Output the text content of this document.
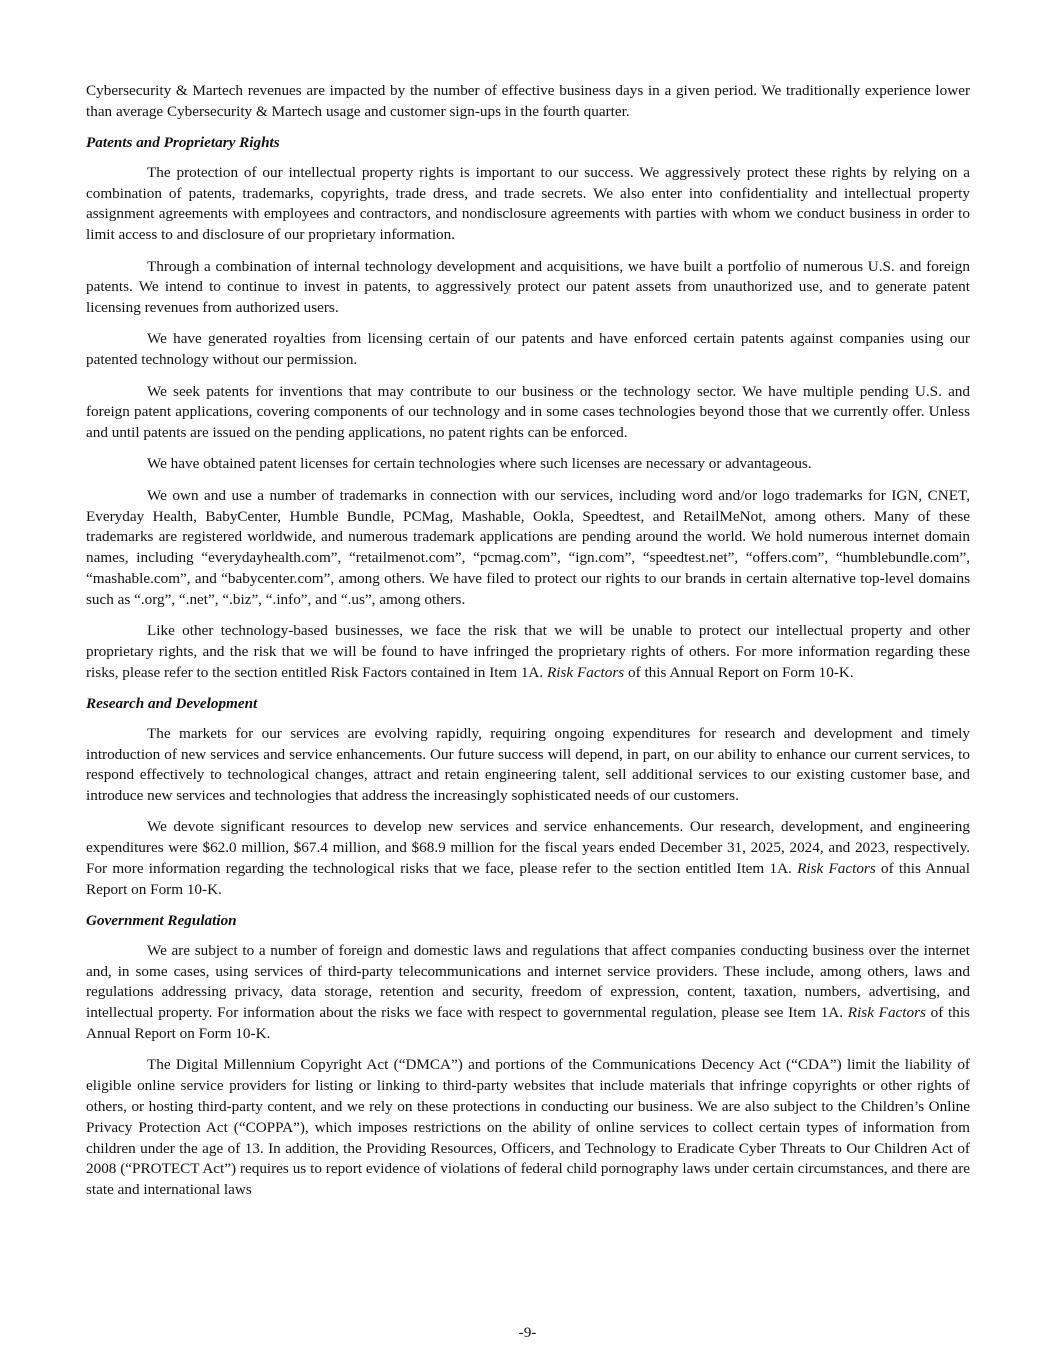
Cybersecurity & Martech revenues are impacted by the number of effective business days in a given period. We traditionally experience lower than average Cybersecurity & Martech usage and customer sign-ups in the fourth quarter.

Patents and Proprietary Rights

The protection of our intellectual property rights is important to our success. We aggressively protect these rights by relying on a combination of patents, trademarks, copyrights, trade dress, and trade secrets. We also enter into confidentiality and intellectual property assignment agreements with employees and contractors, and nondisclosure agreements with parties with whom we conduct business in order to limit access to and disclosure of our proprietary information.

Through a combination of internal technology development and acquisitions, we have built a portfolio of numerous U.S. and foreign patents. We intend to continue to invest in patents, to aggressively protect our patent assets from unauthorized use, and to generate patent licensing revenues from authorized users.

We have generated royalties from licensing certain of our patents and have enforced certain patents against companies using our patented technology without our permission.

We seek patents for inventions that may contribute to our business or the technology sector. We have multiple pending U.S. and foreign patent applications, covering components of our technology and in some cases technologies beyond those that we currently offer. Unless and until patents are issued on the pending applications, no patent rights can be enforced.

We have obtained patent licenses for certain technologies where such licenses are necessary or advantageous.

We own and use a number of trademarks in connection with our services, including word and/or logo trademarks for IGN, CNET, Everyday Health, BabyCenter, Humble Bundle, PCMag, Mashable, Ookla, Speedtest, and RetailMeNot, among others. Many of these trademarks are registered worldwide, and numerous trademark applications are pending around the world. We hold numerous internet domain names, including “everydayhealth.com”, “retailmenot.com”, “pcmag.com”, “ign.com”, “speedtest.net”, “offers.com”, “humblebundle.com”, “mashable.com”, and “babycenter.com”, among others. We have filed to protect our rights to our brands in certain alternative top-level domains such as “.org”, “.net”, “.biz”, “.info”, and “.us”, among others.

Like other technology-based businesses, we face the risk that we will be unable to protect our intellectual property and other proprietary rights, and the risk that we will be found to have infringed the proprietary rights of others. For more information regarding these risks, please refer to the section entitled Risk Factors contained in Item 1A. Risk Factors of this Annual Report on Form 10-K.

Research and Development

The markets for our services are evolving rapidly, requiring ongoing expenditures for research and development and timely introduction of new services and service enhancements. Our future success will depend, in part, on our ability to enhance our current services, to respond effectively to technological changes, attract and retain engineering talent, sell additional services to our existing customer base, and introduce new services and technologies that address the increasingly sophisticated needs of our customers.

We devote significant resources to develop new services and service enhancements. Our research, development, and engineering expenditures were $62.0 million, $67.4 million, and $68.9 million for the fiscal years ended December 31, 2025, 2024, and 2023, respectively. For more information regarding the technological risks that we face, please refer to the section entitled Item 1A. Risk Factors of this Annual Report on Form 10-K.

Government Regulation

We are subject to a number of foreign and domestic laws and regulations that affect companies conducting business over the internet and, in some cases, using services of third-party telecommunications and internet service providers. These include, among others, laws and regulations addressing privacy, data storage, retention and security, freedom of expression, content, taxation, numbers, advertising, and intellectual property. For information about the risks we face with respect to governmental regulation, please see Item 1A. Risk Factors of this Annual Report on Form 10-K.

The Digital Millennium Copyright Act (“DMCA”) and portions of the Communications Decency Act (“CDA”) limit the liability of eligible online service providers for listing or linking to third-party websites that include materials that infringe copyrights or other rights of others, or hosting third-party content, and we rely on these protections in conducting our business. We are also subject to the Children’s Online Privacy Protection Act (“COPPA”), which imposes restrictions on the ability of online services to collect certain types of information from children under the age of 13. In addition, the Providing Resources, Officers, and Technology to Eradicate Cyber Threats to Our Children Act of 2008 (“PROTECT Act”) requires us to report evidence of violations of federal child pornography laws under certain circumstances, and there are state and international laws

-9-
